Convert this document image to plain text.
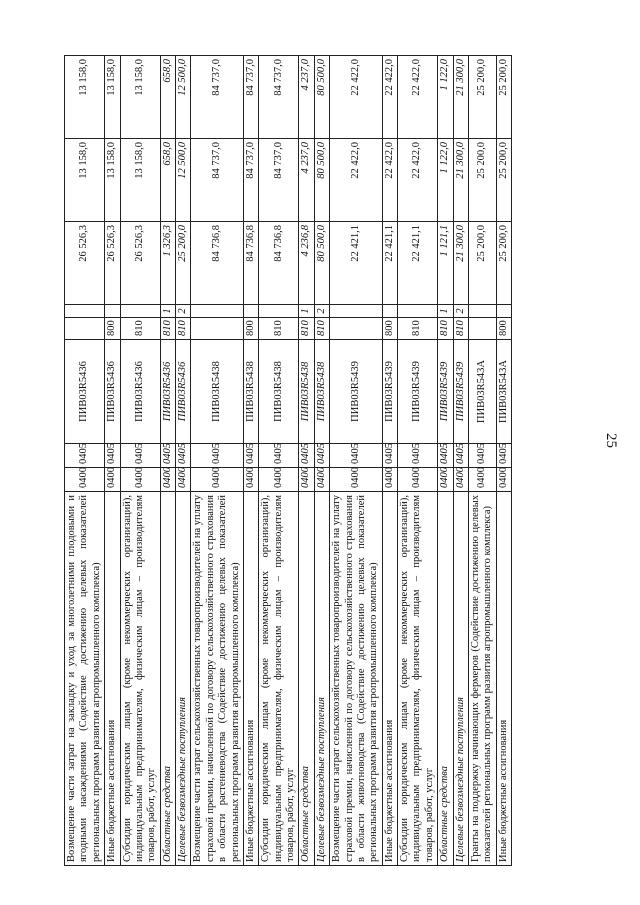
25
Возмещение части затрат на закладку и уход за многолетними плодовыми и ягодными насаждениями (Содействие достижению целевых показателей региональных программ развития агропромышленного комплекса)	0400	0405	ПИВ03R5436			26 526,3	13 158,0	13 158,0
Иные бюджетные ассигнования	0400	0405	ПИВ03R5436	800		26 526,3	13 158,0	13 158,0
Субсидии юридическим лицам (кроме некоммерческих организаций), индивидуальным предпринимателям, физическим лицам – производителям товаров, работ, услуг	0400	0405	ПИВ03R5436	810		26 526,3	13 158,0	13 158,0
Областные средства	0400	0405	ПИВ03R5436	810	1	1 326,3	658,0	658,0
Целевые безвозмездные поступления	0400	0405	ПИВ03R5436	810	2	25 200,0	12 500,0	12 500,0
Возмещение части затрат сельскохозяйственных товаропроизводителей на уплату страховой премии, начисленной по договору сельскохозяйственного страхования в области растениеводства (Содействие достижению целевых показателей региональных программ развития агропромышленного комплекса)	0400	0405	ПИВ03R5438			84 736,8	84 737,0	84 737,0
Иные бюджетные ассигнования	0400	0405	ПИВ03R5438	800		84 736,8	84 737,0	84 737,0
Субсидии юридическим лицам (кроме некоммерческих организаций), индивидуальным предпринимателям, физическим лицам – производителям товаров, работ, услуг	0400	0405	ПИВ03R5438	810		84 736,8	84 737,0	84 737,0
Областные средства	0400	0405	ПИВ03R5438	810	1	4 236,8	4 237,0	4 237,0
Целевые безвозмездные поступления	0400	0405	ПИВ03R5438	810	2	80 500,0	80 500,0	80 500,0
Возмещение части затрат сельскохозяйственных товаропроизводителей на уплату страховой премии, начисленной по договору сельскохозяйственного страхования в области животноводства (Содействие достижению целевых показателей региональных программ развития агропромышленного комплекса)	0400	0405	ПИВ03R5439			22 421,1	22 422,0	22 422,0
Иные бюджетные ассигнования	0400	0405	ПИВ03R5439	800		22 421,1	22 422,0	22 422,0
Субсидии юридическим лицам (кроме некоммерческих организаций), индивидуальным предпринимателям, физическим лицам – производителям товаров, работ, услуг	0400	0405	ПИВ03R5439	810		22 421,1	22 422,0	22 422,0
Областные средства	0400	0405	ПИВ03R5439	810	1	1 121,1	1 122,0	1 122,0
Целевые безвозмездные поступления	0400	0405	ПИВ03R5439	810	2	21 300,0	21 300,0	21 300,0
Гранты на поддержку начинающих фермеров (Содействие достижению целевых показателей региональных программ развития агропромышленного комплекса)	0400	0405	ПИВ03R543А			25 200,0	25 200,0	25 200,0
Иные бюджетные ассигнования	0400	0405	ПИВ03R543А	800		25 200,0	25 200,0	25 200,0
